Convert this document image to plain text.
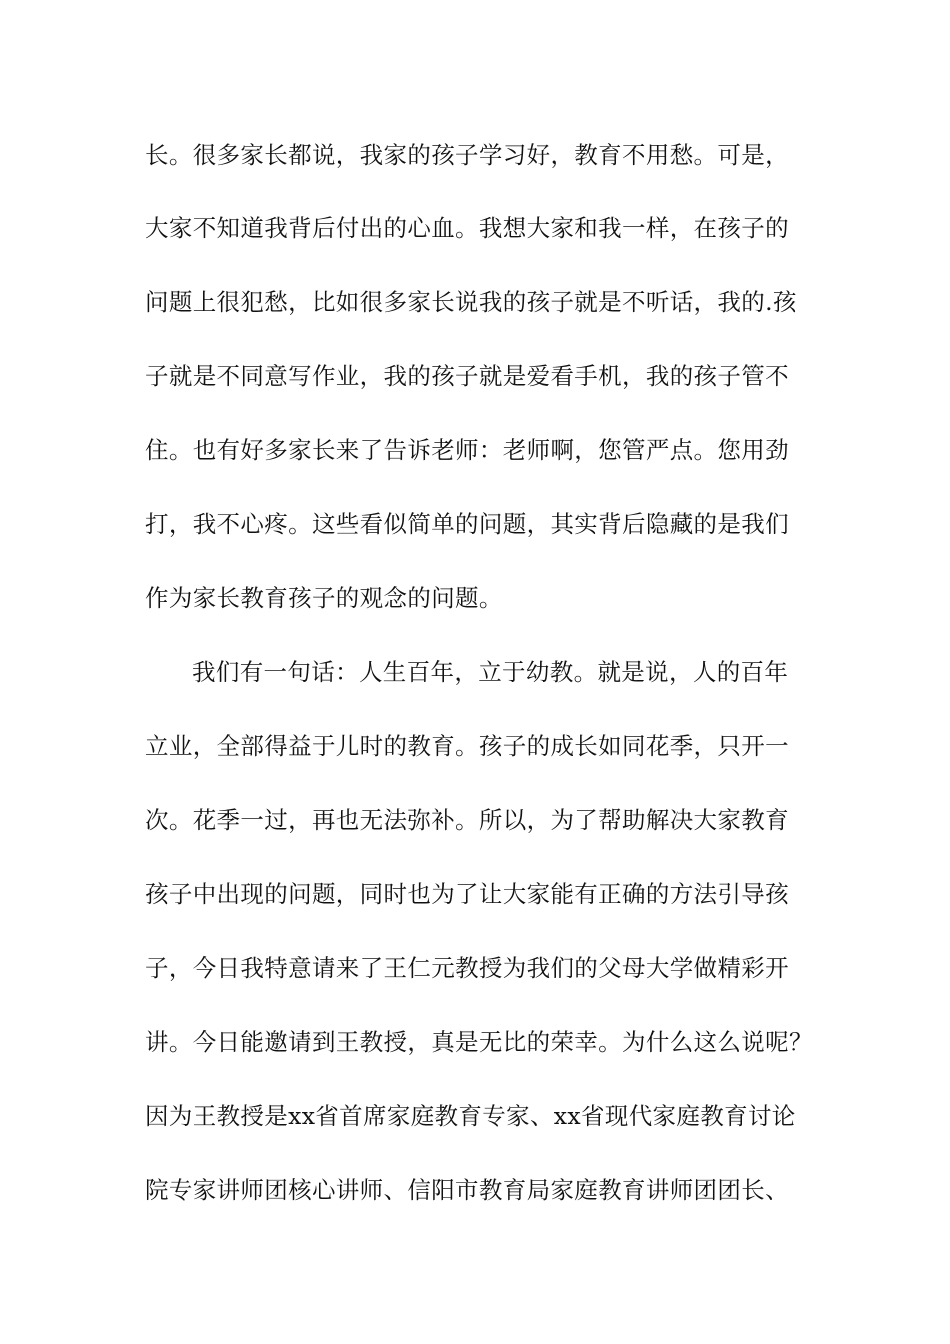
长。很多家长都说，我家的孩子学习好，教育不用愁。可是，
大家不知道我背后付出的心血。我想大家和我一样，在孩子的
问题上很犯愁，比如很多家长说我的孩子就是不听话，我的.孩
子就是不同意写作业，我的孩子就是爱看手机，我的孩子管不
住。也有好多家长来了告诉老师：老师啊，您管严点。您用劲
打，我不心疼。这些看似简单的问题，其实背后隐藏的是我们
作为家长教育孩子的观念的问题。
我们有一句话：人生百年，立于幼教。就是说，人的百年
立业，全部得益于儿时的教育。孩子的成长如同花季，只开一
次。花季一过，再也无法弥补。所以，为了帮助解决大家教育
孩子中出现的问题，同时也为了让大家能有正确的方法引导孩
子，今日我特意请来了王仁元教授为我们的父母大学做精彩开
讲。今日能邀请到王教授，真是无比的荣幸。为什么这么说呢？
因为王教授是xx省首席家庭教育专家、xx省现代家庭教育讨论
院专家讲师团核心讲师、信阳市教育局家庭教育讲师团团长、
